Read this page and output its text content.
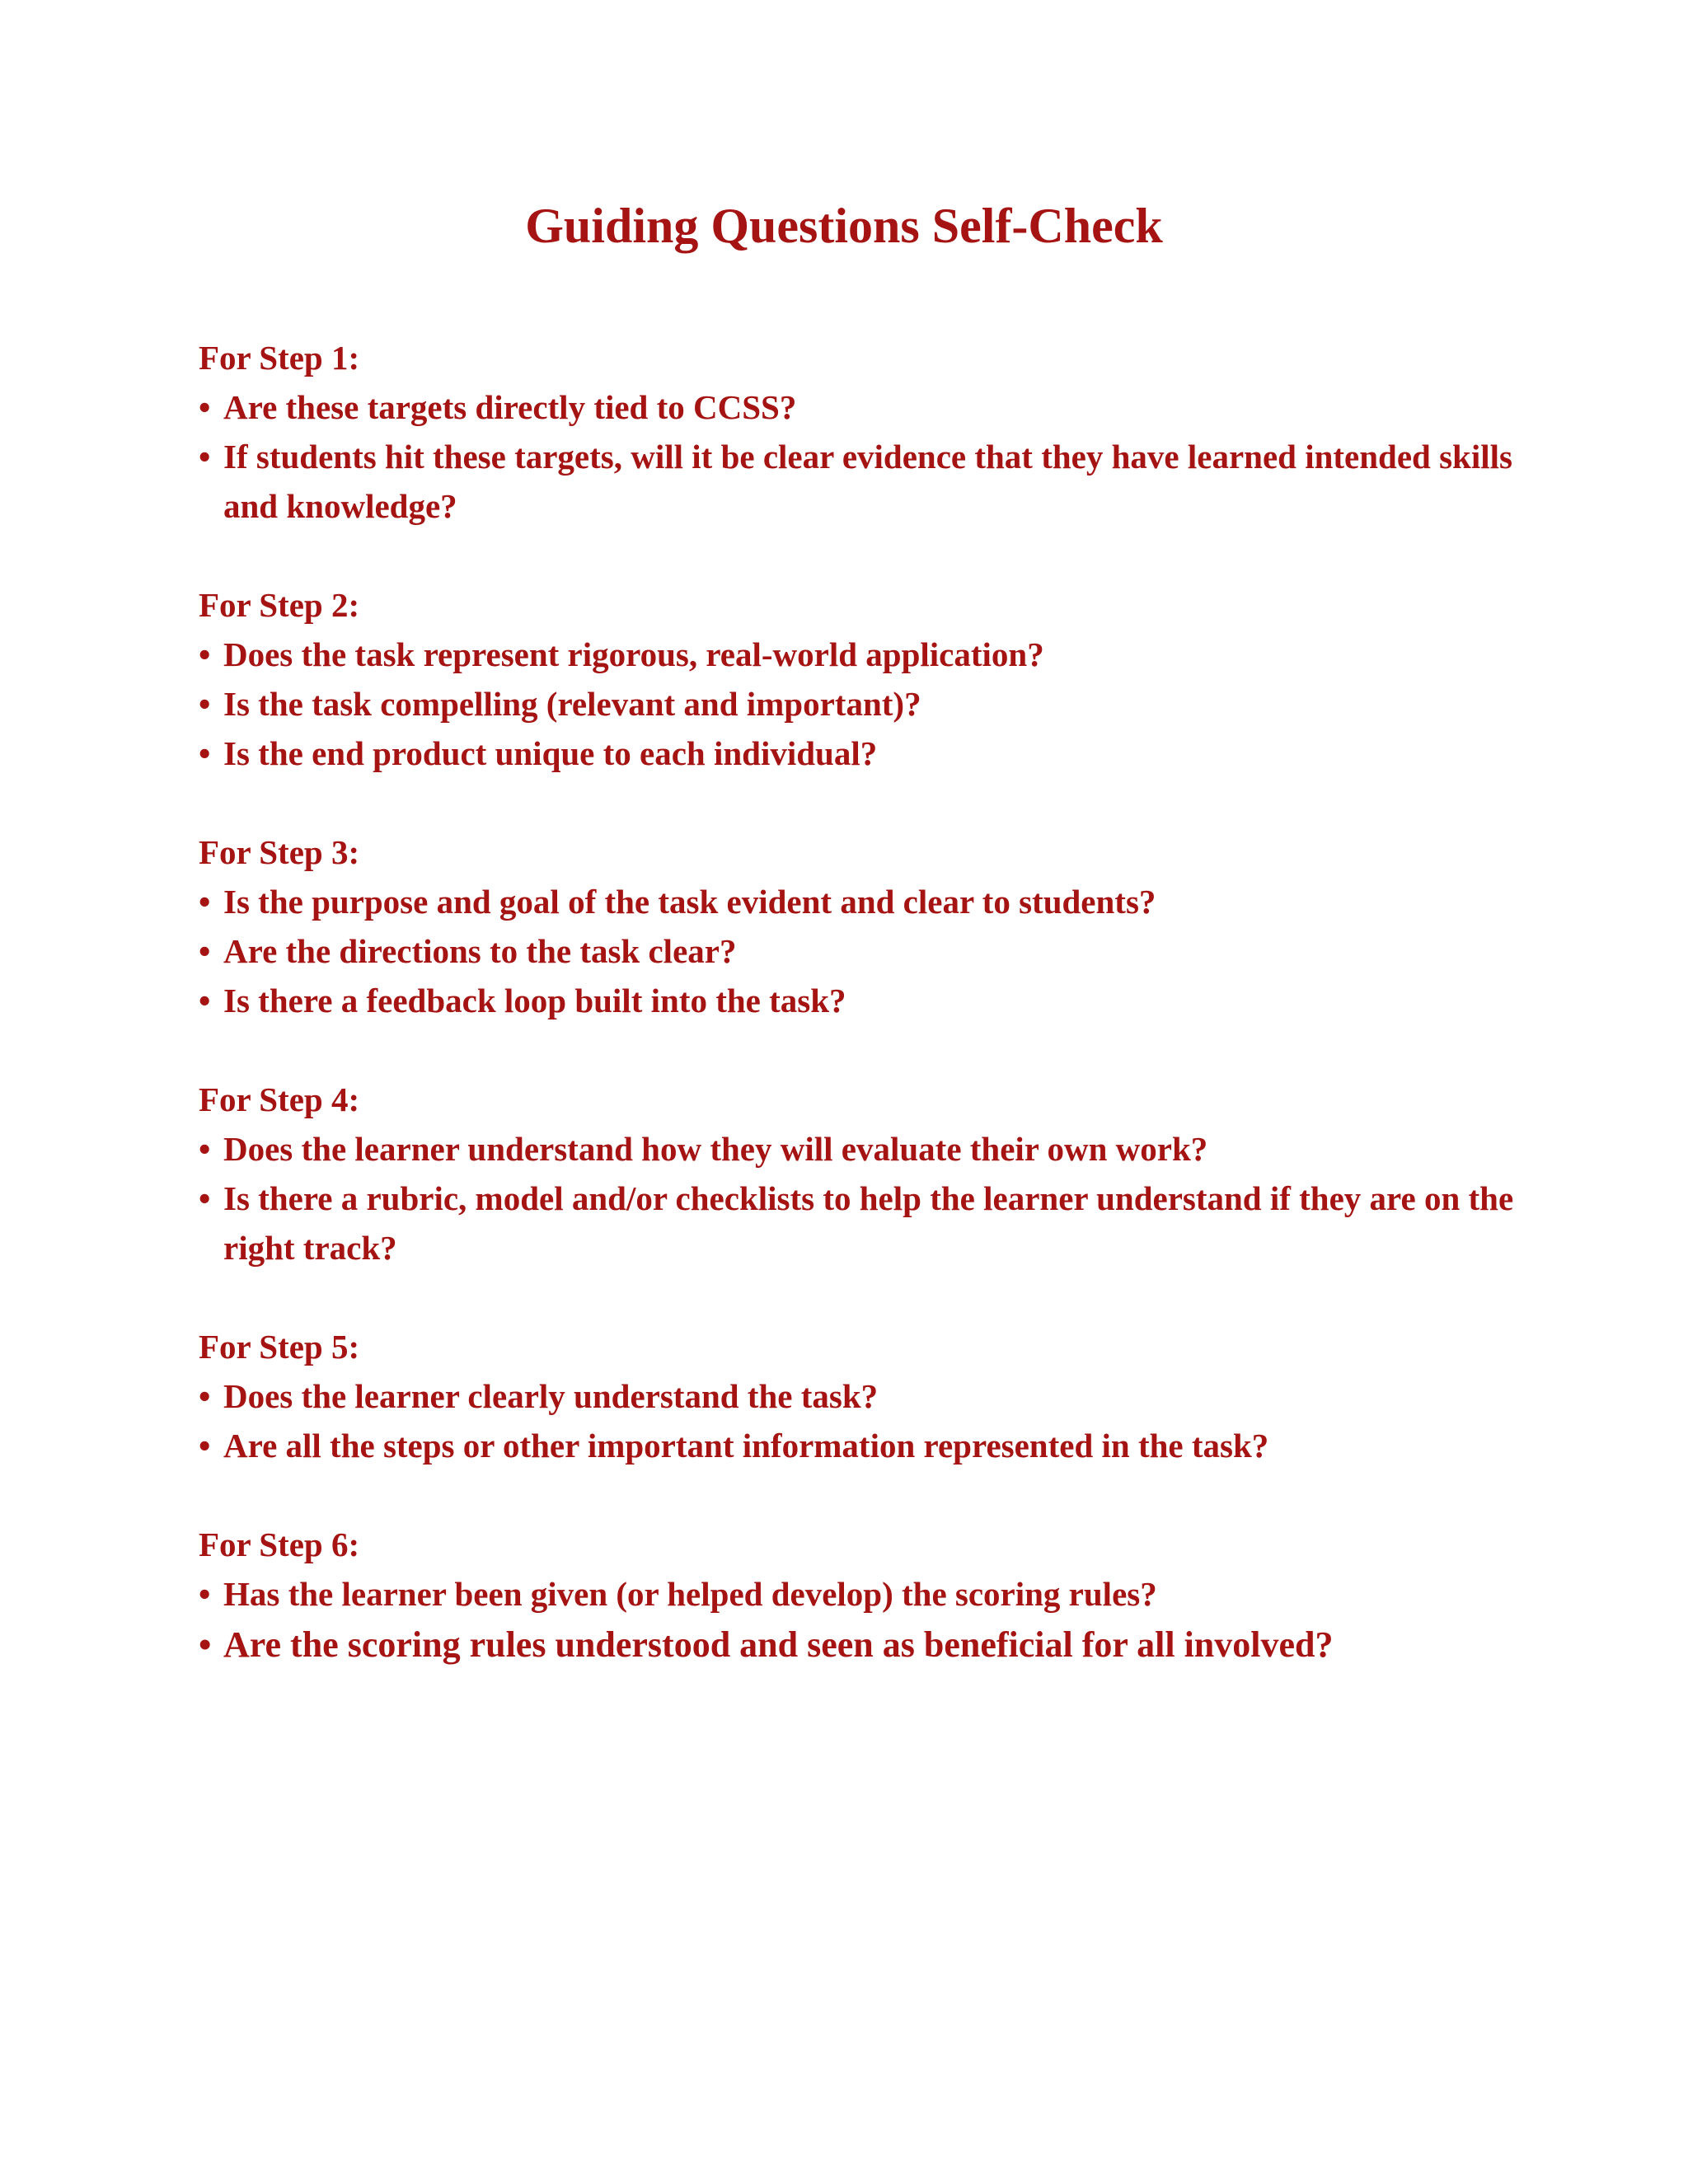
Guiding Questions Self-Check

For Step 1:

• Are these targets directly tied to CCSS?
• If students hit these targets, will it be clear evidence that they have learned intended skills and knowledge?

For Step 2:

• Does the task represent rigorous, real-world application?
• Is the task compelling (relevant and important)?
• Is the end product unique to each individual?

For Step 3:

• Is the purpose and goal of the task evident and clear to students?
• Are the directions to the task clear?
• Is there a feedback loop built into the task?

For Step 4:

• Does the learner understand how they will evaluate their own work?
• Is there a rubric, model and/or checklists to help the learner understand if they are on the right track?

For Step 5:

• Does the learner clearly understand the task?
• Are all the steps or other important information represented in the task?

For Step 6:

• Has the learner been given (or helped develop) the scoring rules?
• Are the scoring rules understood and seen as beneficial for all involved?
